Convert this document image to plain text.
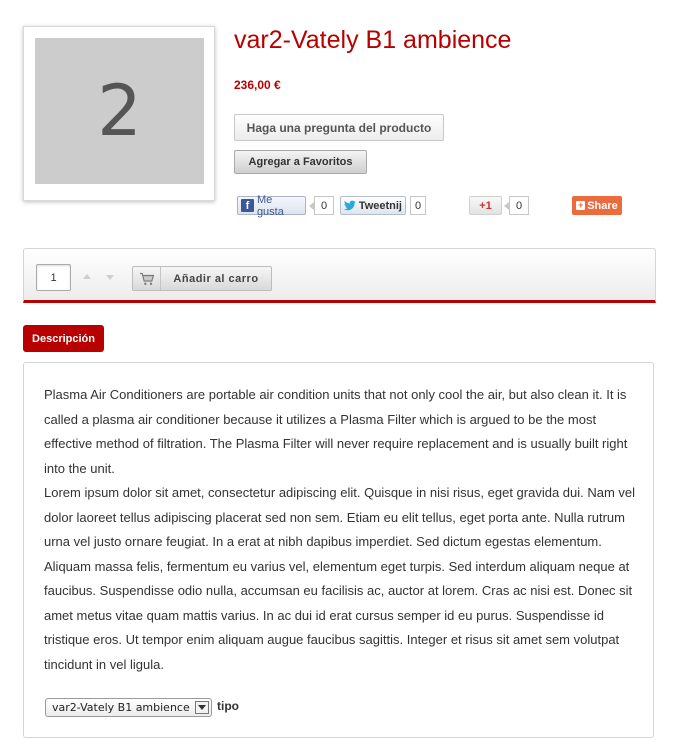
2
var2-Vately B1 ambience
236,00 €
Haga una pregunta del producto
Agregar a Favoritos
f
Me gusta	0	Tweetnij	0	+1	0	+ Share
1	Añadir al carro
Descripción

Plasma Air Conditioners are portable air condition units that not only cool the air, but also clean it. It is called a plasma air conditioner because it utilizes a Plasma Filter which is argued to be the most effective method of filtration. The Plasma Filter will never require replacement and is usually built right into the unit.

Lorem ipsum dolor sit amet, consectetur adipiscing elit. Quisque in nisi risus, eget gravida dui. Nam vel dolor laoreet tellus adipiscing placerat sed non sem. Etiam eu elit tellus, eget porta ante. Nulla rutrum urna vel justo ornare feugiat. In a erat at nibh dapibus imperdiet. Sed dictum egestas elementum. Aliquam massa felis, fermentum eu varius vel, elementum eget turpis. Sed interdum aliquam neque at faucibus. Suspendisse odio nulla, accumsan eu facilisis ac, auctor at lorem. Cras ac nisi est. Donec sit amet metus vitae quam mattis varius. In ac dui id erat cursus semper id eu purus. Suspendisse id tristique eros. Ut tempor enim aliquam augue faucibus sagittis. Integer et risus sit amet sem volutpat tincidunt in vel ligula.

var2-Vately B1 ambience tipo
